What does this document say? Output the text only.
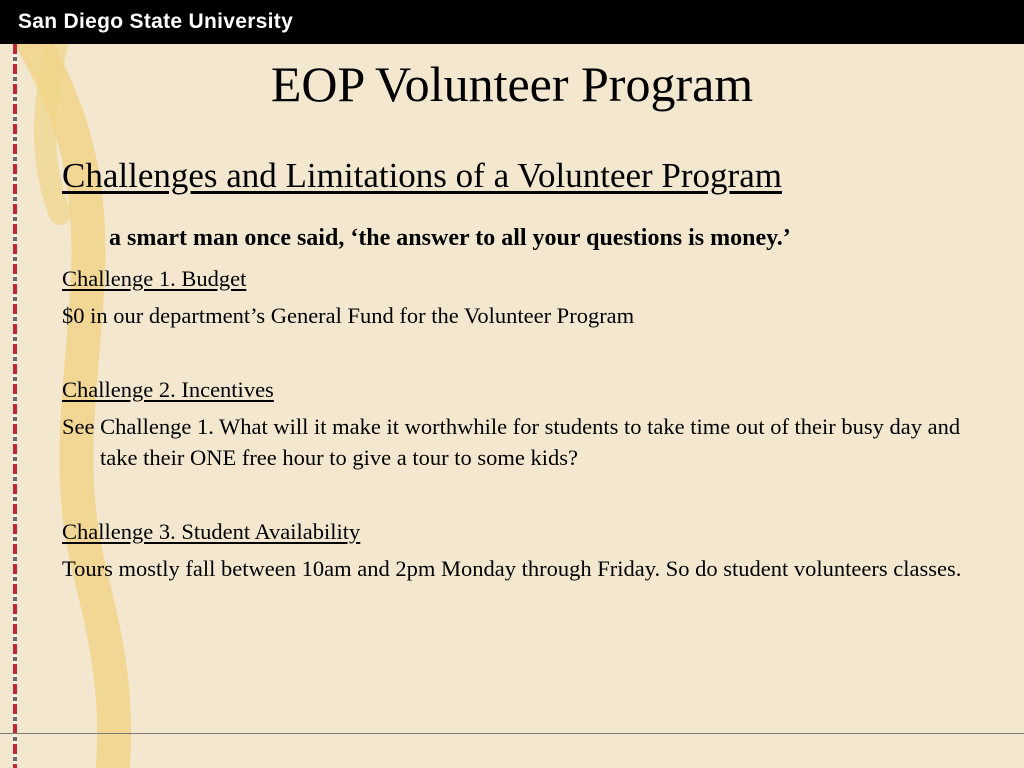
San Diego State University
EOP Volunteer Program
Challenges and Limitations of a Volunteer Program
a smart man once said, ‘the answer to all your questions is money.’

Challenge 1. Budget

$0 in our department’s General Fund for the Volunteer Program

Challenge 2. Incentives

See Challenge 1. What will it make it worthwhile for students to take time out of their busy day and take their ONE free hour to give a tour to some kids?

Challenge 3. Student Availability

Tours mostly fall between 10am and 2pm Monday through Friday. So do student volunteers classes.
